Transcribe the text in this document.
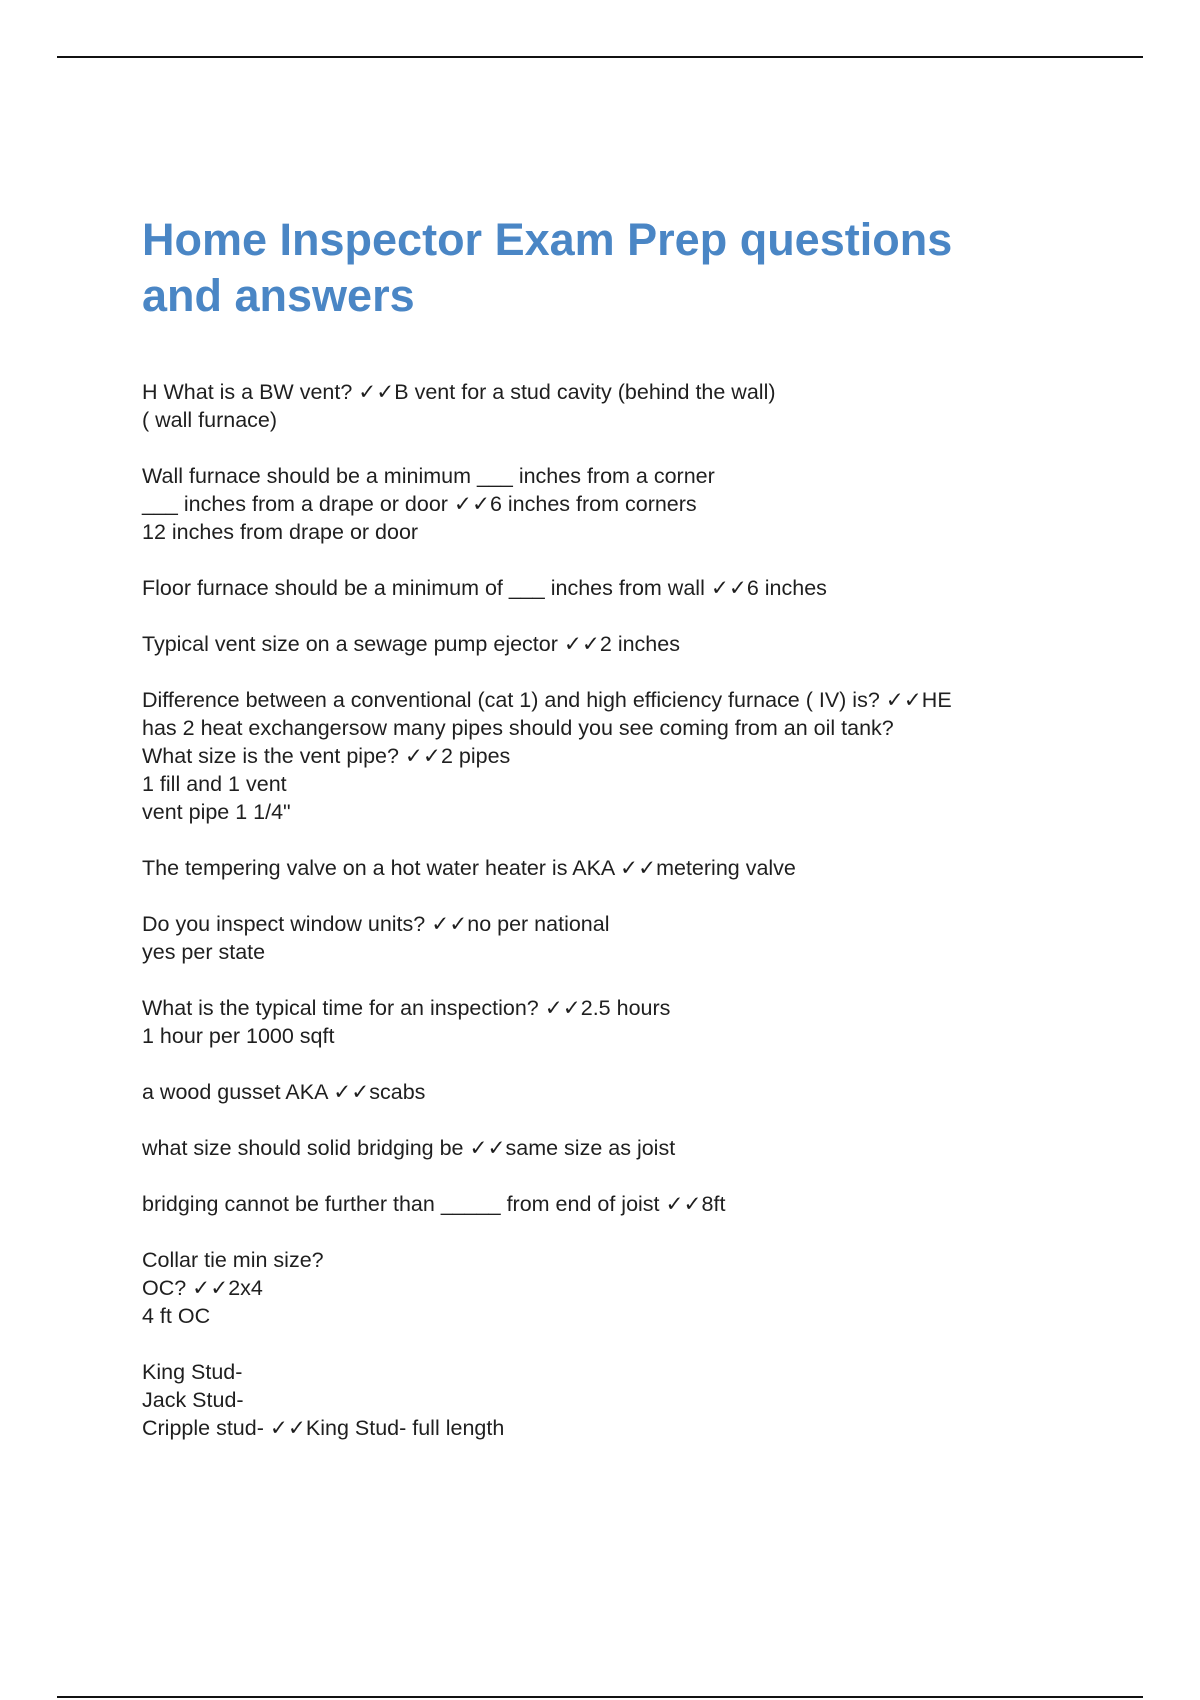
Home Inspector Exam Prep questions
and answers
H What is a BW vent? ✓✓B vent for a stud cavity (behind the wall)
( wall furnace)
Wall furnace should be a minimum ___ inches from a corner
___ inches from a drape or door ✓✓6 inches from corners
12 inches from drape or door
Floor furnace should be a minimum of ___ inches from wall ✓✓6 inches
Typical vent size on a sewage pump ejector ✓✓2 inches
Difference between a conventional (cat 1) and high efficiency furnace ( IV) is? ✓✓HE
has 2 heat exchangersow many pipes should you see coming from an oil tank?
What size is the vent pipe? ✓✓2 pipes
1 fill and 1 vent
vent pipe 1 1/4"
The tempering valve on a hot water heater is AKA ✓✓metering valve
Do you inspect window units? ✓✓no per national
yes per state
What is the typical time for an inspection? ✓✓2.5 hours
1 hour per 1000 sqft
a wood gusset AKA ✓✓scabs
what size should solid bridging be ✓✓same size as joist
bridging cannot be further than _____ from end of joist ✓✓8ft
Collar tie min size?
OC? ✓✓2x4
4 ft OC
King Stud-
Jack Stud-
Cripple stud- ✓✓King Stud- full length
